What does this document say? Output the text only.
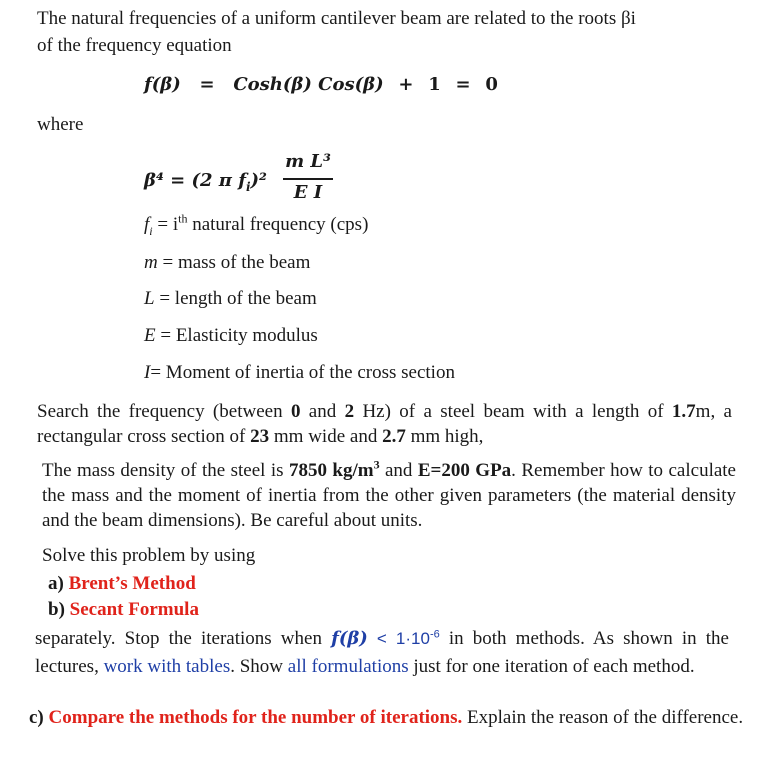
The natural frequencies of a uniform cantilever beam are related to the roots βi
of the frequency equation
f(β) = Cosh(β) Cos(β) + 1 = 0
where
β⁴ = (2 π $f_i)^2$
m L³
E I
$f_i = i^{th}$ natural frequency (cps)
m = mass of the beam
L = length of the beam
E = Elasticity modulus
I= Moment of inertia of the cross section
Search the frequency (between 0 and 2 Hz) of a steel beam with a length of 1.7m, a rectangular cross section of 23 mm wide and 2.7 mm high,
The mass density of the steel is 7850 $kg/m^3$ and E=200 GPa. Remember how to calculate the mass and the moment of inertia from the other given parameters (the material density and the beam dimensions). Be careful about units.
Solve this problem by using
a) Brent’s Method
b) Secant Formula
separately. Stop the iterations when $f(\beta) < 1\cdot 10^{-6}$ in both methods. As shown in the lectures, work with tables. Show all formulations just for one iteration of each method.
c) Compare the methods for the number of iterations. Explain the reason of the difference.
